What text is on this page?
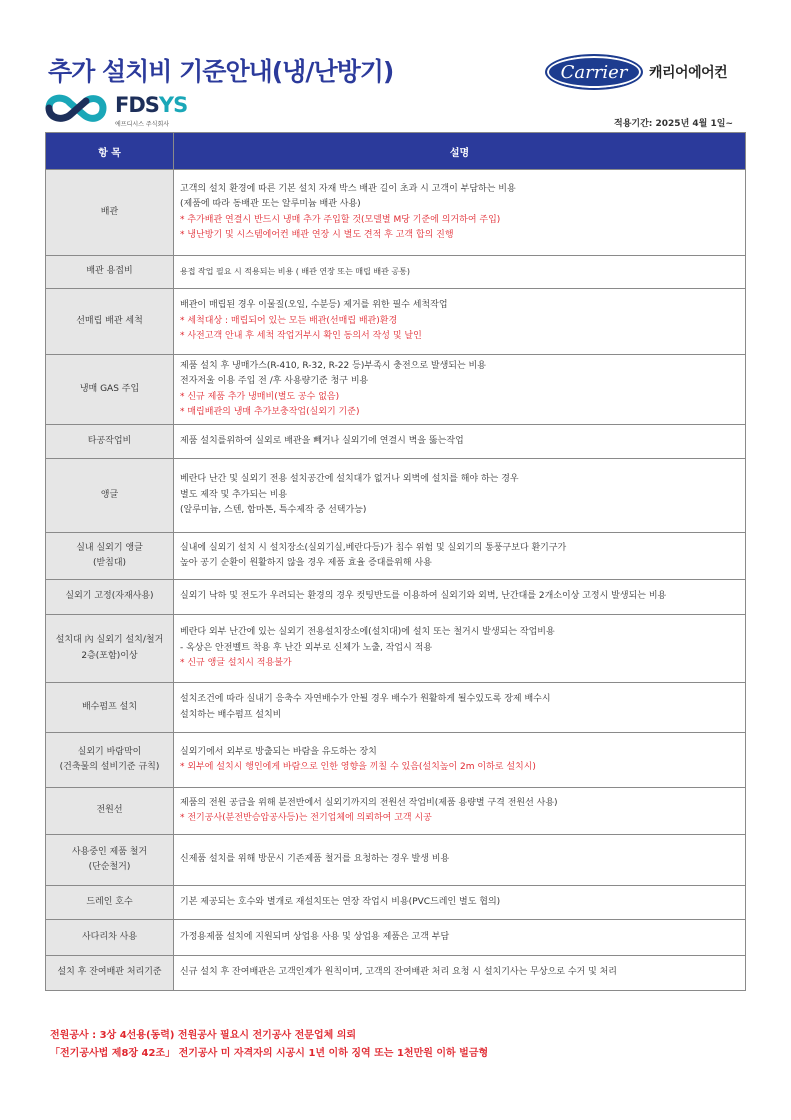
추가 설치비 기준안내(냉/난방기)
FDSYS
에프디시스 주식회사
Carrier	캐리어에어컨
적용기간: 2025년 4월 1일~
항 목	설명

배관	고객의 설치 환경에 따른 기본 설치 자재 박스 배관 길이 초과 시 고객이 부담하는 비용
(제품에 따라 동배관 또는 알루미늄 배관 사용)
* 추가배관 연결시 반드시 냉매 추가 주입할 것(모델별 M당 기준에 의거하여 주입)
* 냉난방기 및 시스템에어컨 배관 연장 시 별도 견적 후 고객 합의 진행

배관 용접비	용접 작업 필요 시 적용되는 비용 ( 배관 연장 또는 매립 배관 공통)

선매립 배관 세척	배관이 매립된 경우 이물질(오일, 수분등) 제거를 위한 필수 세척작업
* 세척대상 : 매립되어 있는 모든 배관(선매립 배관)환경
* 사전고객 안내 후 세척 작업거부시 확인 동의서 작성 및 날인

냉매 GAS 주입	제품 설치 후 냉매가스(R-410, R-32, R-22 등)부족시 충전으로 발생되는 비용
전자저울 이용 주입 전 /후 사용량기준 청구 비용
* 신규 제품 추가 냉매비(별도 공수 없음)
* 매립배관의 냉매 추가보충작업(실외기 기준)

타공작업비	제품 설치를위하여 실외로 배관을 빼거나 실외기에 연결시 벽을 뚫는작업

앵글	베란다 난간 및 실외기 전용 설치공간에 설치대가 없거나 외벽에 설치를 해야 하는 경우
별도 제작 및 추가되는 비용
(알루미늄, 스텐, 함마톤, 특수제작 중 선택가능)

실내 실외기 앵글
(받침대)	실내에 실외기 설치 시 설치장소(실외기실,베란다등)가 침수 위험 및 실외기의 통풍구보다 환기구가
높아 공기 순환이 원활하지 않을 경우 제품 효율 증대를위해 사용

실외기 고정(자재사용)	실외기 낙하 및 전도가 우려되는 환경의 경우 컷팅반도를 이용하여 실외기와 외벽, 난간대를 2개소이상 고정시 발생되는 비용

설치대 內 실외기 설치/철거
2층(포함)이상	베란다 외부 난간에 있는 실외기 전용설치장소에(설치대)에 설치 또는 철거시 발생되는 작업비용
- 옥상은 안전벨트 착용 후 난간 외부로 신체가 노출, 작업시 적용
* 신규 앵글 설치시 적용불가

배수펌프 설치	설치조건에 따라 실내기 응축수 자연배수가 안될 경우 배수가 원활하게 될수있도록 장제 배수시
설치하는 배수펌프 설치비

실외기 바람막이
(건축물의 설비기준 규칙)	실외기에서 외부로 방출되는 바람을 유도하는 장치
* 외부에 설치시 행인에게 바람으로 인한 영향을 끼칠 수 있음(설치높이 2m 이하로 설치시)

전원선	제품의 전원 공급을 위해 분전반에서 실외기까지의 전원선 작업비(제품 용량별 구격 전원선 사용)
* 전기공사(분전반승압공사등)는 전기업체에 의뢰하여 고객 시공

사용중인 제품 철거
(단순철거)	신제품 설치를 위해 방문시 기존제품 철거를 요청하는 경우 발생 비용

드레인 호수	기본 제공되는 호수와 별개로 재설치또는 연장 작업시 비용(PVC드레인 별도 협의)

사다리차 사용	가정용제품 설치에 지원되며 상업용 사용 및 상업용 제품은 고객 부담

설치 후 잔여배관 처리기준	신규 설치 후 잔여배관은 고객인계가 원칙이며, 고객의 잔여배관 처리 요청 시 설치기사는 무상으로 수거 및 처리
전원공사 : 3상 4선용(동력) 전원공사 필요시 전기공사 전문업체 의뢰
「전기공사법 제8장 42조」 전기공사 미 자격자의 시공시 1년 이하 징역 또는 1천만원 이하 벌금형
